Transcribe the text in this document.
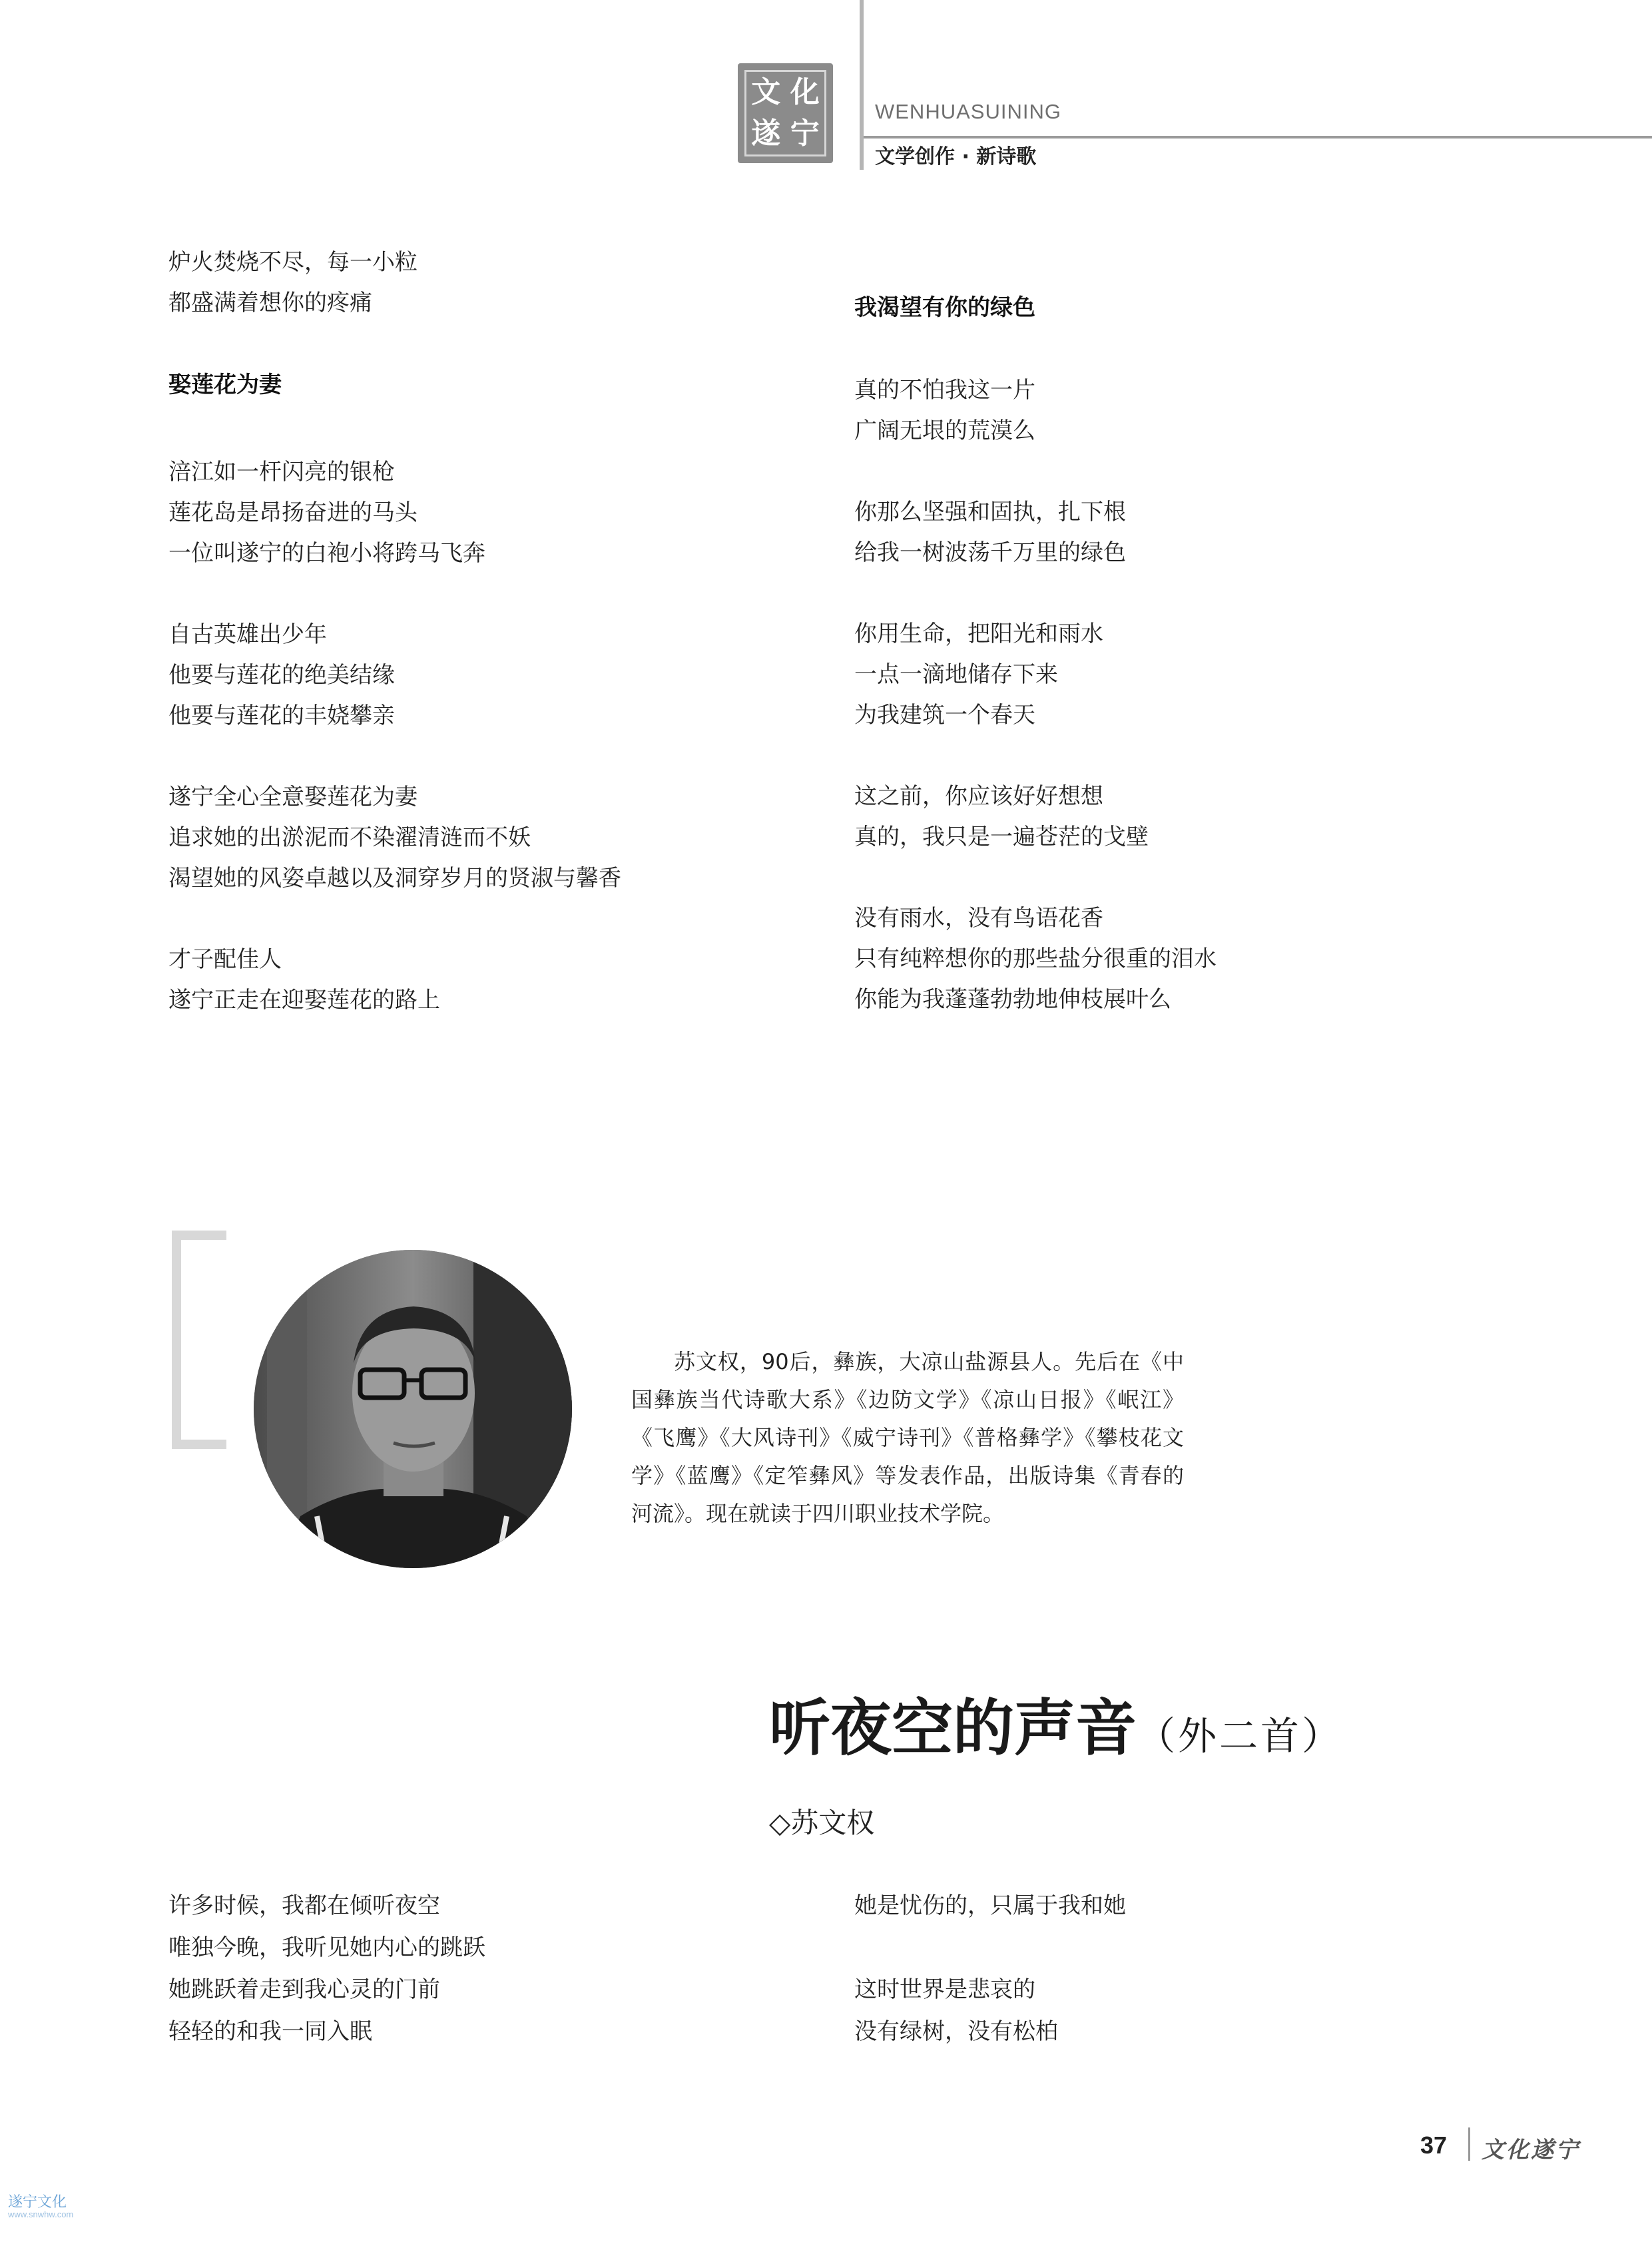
文 化
遂 宁
WENHUASUINING
文学创作 · 新诗歌
炉火焚烧不尽，每一小粒
都盛满着想你的疼痛
娶莲花为妻
涪江如一杆闪亮的银枪
莲花岛是昂扬奋进的马头
一位叫遂宁的白袍小将跨马飞奔
自古英雄出少年
他要与莲花的绝美结缘
他要与莲花的丰娆攀亲
遂宁全心全意娶莲花为妻
追求她的出淤泥而不染濯清涟而不妖
渴望她的风姿卓越以及洞穿岁月的贤淑与馨香
才子配佳人
遂宁正走在迎娶莲花的路上
我渴望有你的绿色
真的不怕我这一片
广阔无垠的荒漠么
你那么坚强和固执，扎下根
给我一树波荡千万里的绿色
你用生命，把阳光和雨水
一点一滴地储存下来
为我建筑一个春天
这之前，你应该好好想想
真的，我只是一遍苍茫的戈壁
没有雨水，没有鸟语花香
只有纯粹想你的那些盐分很重的泪水
你能为我蓬蓬勃勃地伸枝展叶么
苏文权，90后，彝族，大凉山盐源县人。先后在《中国彝族当代诗歌大系》《边防文学》《凉山日报》《岷江》《飞鹰》《大风诗刊》《威宁诗刊》《普格彝学》《攀枝花文学》《蓝鹰》《定笮彝风》等发表作品，出版诗集《青春的河流》。现在就读于四川职业技术学院。
听夜空的声音（外二首）
◇苏文权
许多时候，我都在倾听夜空
唯独今晚，我听见她内心的跳跃
她跳跃着走到我心灵的门前
轻轻的和我一同入眠
她是忧伤的，只属于我和她
这时世界是悲哀的
没有绿树，没有松柏
37 文化遂宁
遂宁文化
www.snwhw.com
